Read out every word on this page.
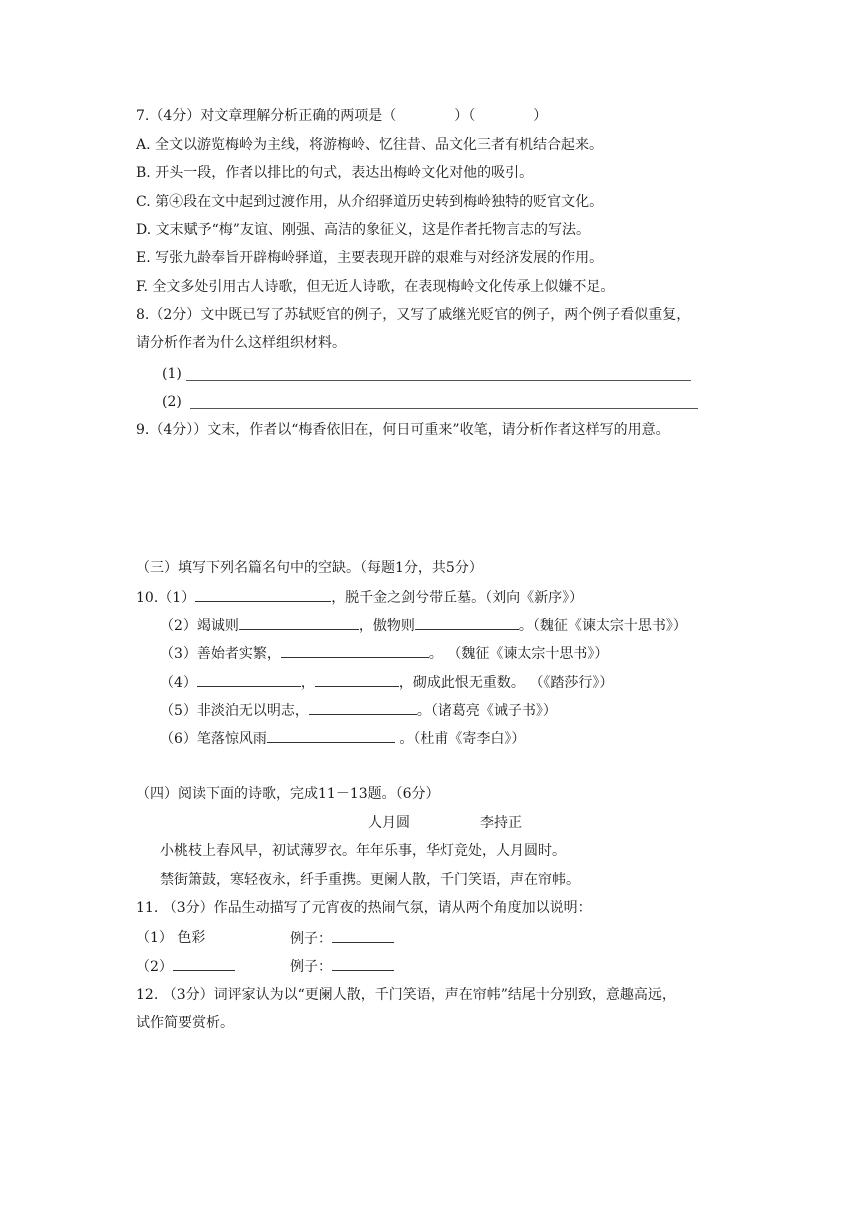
7.（4分）对文章理解分析正确的两项是（	）（	）
A. 全文以游览梅岭为主线，将游梅岭、忆往昔、品文化三者有机结合起来。
B. 开头一段，作者以排比的句式，表达出梅岭文化对他的吸引。
C. 第④段在文中起到过渡作用，从介绍驿道历史转到梅岭独特的贬官文化。
D. 文末赋予“梅”友谊、刚强、高洁的象征义，这是作者托物言志的写法。
E. 写张九龄奉旨开辟梅岭驿道，主要表现开辟的艰难与对经济发展的作用。
F. 全文多处引用古人诗歌，但无近人诗歌，在表现梅岭文化传承上似嫌不足。
8.（2分）文中既已写了苏轼贬官的例子，又写了戚继光贬官的例子，两个例子看似重复，
请分析作者为什么这样组织材料。
(1)
(2)
9.（4分））文末，作者以“梅香依旧在，何日可重来”收笔，请分析作者这样写的用意。
（三）填写下列名篇名句中的空缺。（每题1分，共5分）
10.（1）	，脱千金之剑兮带丘墓。（刘向《新序》）
（2）竭诚则	，傲物则	。（魏征《谏太宗十思书》）
（3）善始者实繁，	。 （魏征《谏太宗十思书》）
（4）	，	，砌成此恨无重数。 （《踏莎行》）
（5）非淡泊无以明志，	。（诸葛亮《诫子书》）
（6）笔落惊风雨	。（杜甫《寄李白》）
（四）阅读下面的诗歌，完成11－13题。（6分）
人月圆	李持正
小桃枝上春风早，初试薄罗衣。年年乐事，华灯竞处，人月圆时。
禁街箫鼓，寒轻夜永，纤手重携。更阑人散，千门笑语，声在帘帏。
11. （3分）作品生动描写了元宵夜的热闹气氛，请从两个角度加以说明：
（1） 色彩	例子：
（2）	例子：
12. （3分）词评家认为以“更阑人散，千门笑语，声在帘帏”结尾十分别致，意趣高远，
试作简要赏析。
